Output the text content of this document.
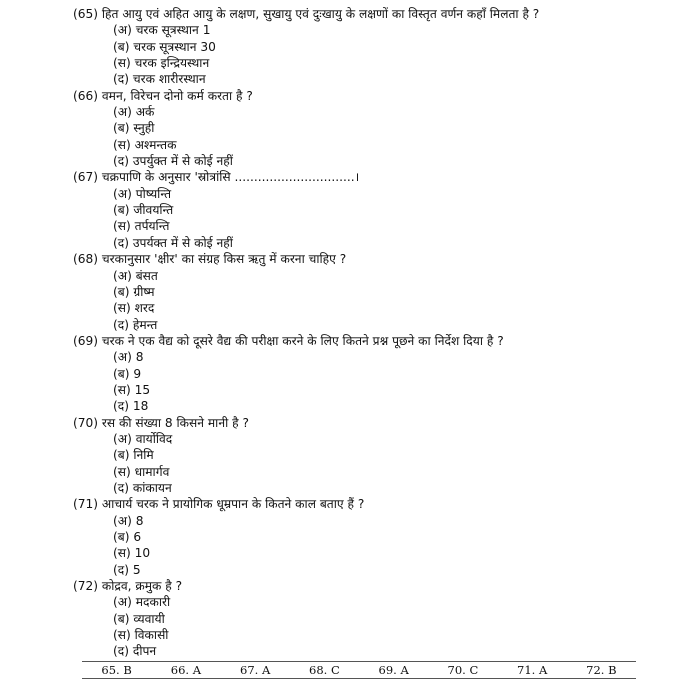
(65) हित आयु एवं अहित आयु के लक्षण, सुखायु एवं दुःखायु के लक्षणों का विस्तृत वर्णन कहाँ मिलता है ?
(अ) चरक सूत्रस्थान 1
(ब) चरक सूत्रस्थान 30
(स) चरक इन्द्रियस्थान
(द) चरक शारीरस्थान
(66) वमन, विरेचन दोनो कर्म करता है ?
(अ) अर्क
(ब) स्नुही
(स) अश्मन्तक
(द) उपर्युक्त में से कोई नहीं
(67) चक्रपाणि के अनुसार 'स्रोत्रांसि ...............................।
(अ) पोष्यन्ति
(ब) जीवयन्ति
(स) तर्पयन्ति
(द) उपर्यक्त में से कोई नहीं
(68) चरकानुसार 'क्षीर' का संग्रह किस ऋतु में करना चाहिए ?
(अ) बंसत
(ब) ग्रीष्म
(स) शरद
(द) हेमन्त
(69) चरक ने एक वैद्य को दूसरे वैद्य की परीक्षा करने के लिए कितने प्रश्न पूछने का निर्देश दिया है ?
(अ) 8
(ब) 9
(स) 15
(द) 18
(70) रस की संख्या 8 किसने मानी है ?
(अ) वार्योविद
(ब) निमि
(स) धामार्गव
(द) कांकायन
(71) आचार्य चरक ने प्रायोगिक धूम्रपान के कितने काल बताए हैं ?
(अ) 8
(ब) 6
(स) 10
(द) 5
(72) कोद्रव, क्रमुक है ?
(अ) मदकारी
(ब) व्यवायी
(स) विकासी
(द) दीपन
65. B	66. A	67. A	68. C	69. A	70. C	71. A	72. B
